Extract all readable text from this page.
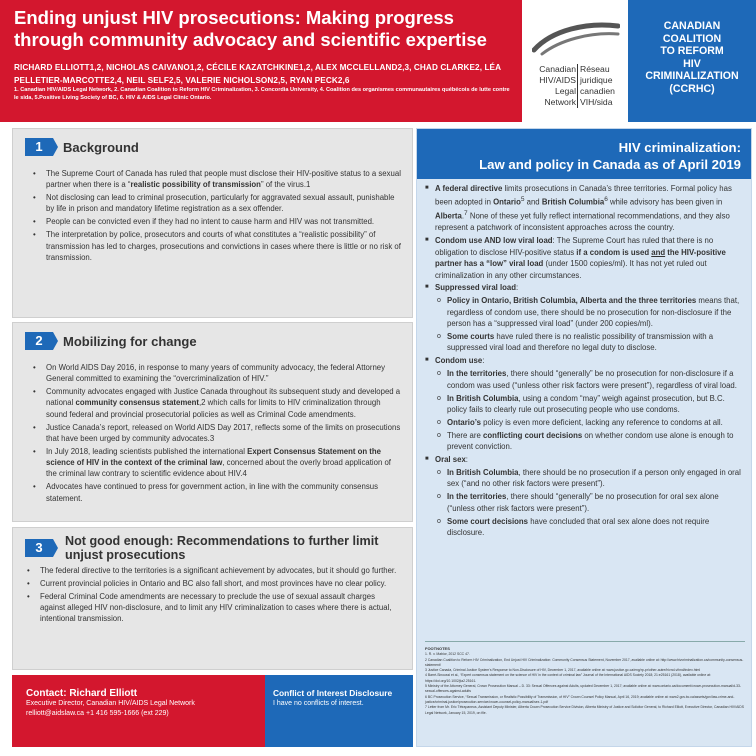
Ending unjust HIV prosecutions: Making progress through community advocacy and scientific expertise
RICHARD ELLIOTT1,2, NICHOLAS CAIVANO1,2, CÉCILE KAZATCHKINE1,2, ALEX MCCLELLAND2,3, CHAD CLARKE2, LÉA PELLETIER-MARCOTTE2,4, NEIL SELF2,5, VALERIE NICHOLSON2,5, RYAN PECK2,6
1. Canadian HIV/AIDS Legal Network, 2. Canadian Coalition to Reform HIV Criminalization, 3. Concordia University, 4. Coalition des organismes communautaires québécois de lutte contre le sida, 5.Positive Living Society of BC, 6. HIV & AIDS Legal Clinic Ontario.
Canadian
HIV/AIDS
Legal
Network
Réseau
juridique
canadien
VIH/sida
CANADIAN
COALITION
TO REFORM
HIV
CRIMINALIZATION
(CCRHC)
1	Background
• The Supreme Court of Canada has ruled that people must disclose their HIV-positive status to a sexual partner when there is a “realistic possibility of transmission” of the virus.1
• Not disclosing can lead to criminal prosecution, particularly for aggravated sexual assault, punishable by life in prison and mandatory lifetime registration as a sex offender.
• People can be convicted even if they had no intent to cause harm and HIV was not transmitted.
• The interpretation by police, prosecutors and courts of what constitutes a “realistic possibility” of transmission has led to charges, prosecutions and convictions in cases where there is little or no risk of transmission.
2	Mobilizing for change
• On World AIDS Day 2016, in response to many years of community advocacy, the federal Attorney General committed to examining the “overcriminalization of HIV.”
• Community advocates engaged with Justice Canada throughout its subsequent study and developed a national community consensus statement,2 which calls for limits to HIV criminalization through sound federal and provincial prosecutorial policies as well as Criminal Code amendments.
• Justice Canada’s report, released on World AIDS Day 2017, reflects some of the limits on prosecutions that have been urged by community advocates.3
• In July 2018, leading scientists published the international Expert Consensus Statement on the science of HIV in the context of the criminal law, concerned about the overly broad application of the criminal law contrary to scientific evidence about HIV.4
• Advocates have continued to press for government action, in line with the community consensus statement.
3	Not good enough: Recommendations to further limit
unjust prosecutions
• The federal directive to the territories is a significant achievement by advocates, but it should go further.
• Current provincial policies in Ontario and BC also fall short, and most provinces have no clear policy.
• Federal Criminal Code amendments are necessary to preclude the use of sexual assault charges against alleged HIV non-disclosure, and to limit any HIV criminalization to cases where there is actual, intentional transmission.
Contact: Richard Elliott
Executive Director, Canadian HIV/AIDS Legal Network
relliott@aidslaw.ca +1 416 595-1666 (ext 229)
Conflict of Interest Disclosure
I have no conflicts of interest.
HIV criminalization:
Law and policy in Canada as of April 2019
■ A federal directive limits prosecutions in Canada’s three territories. Formal policy has been adopted in Ontario$^5$ and British Columbia$^6$ while advisory has been given in Alberta.$^7$ None of these yet fully reflect international recommendations, and they also represent a patchwork of inconsistent approaches across the country.
■ Condom use AND low viral load: The Supreme Court has ruled that there is no obligation to disclose HIV-positive status if a condom is used and the HIV-positive partner has a “low” viral load (under 1500 copies/ml). It has not yet ruled out criminalization in any other circumstances.
■ Suppressed viral load:
o Policy in Ontario, British Columbia, Alberta and the three territories means that, regardless of condom use, there should be no prosecution for non-disclosure if the person has a “suppressed viral load” (under 200 copies/ml).
o Some courts have ruled there is no realistic possibility of transmission with a suppressed viral load and therefore no legal duty to disclose.
■ Condom use:
o In the territories, there should “generally” be no prosecution for non-disclosure if a condom was used (“unless other risk factors were present”), regardless of viral load.
o In British Columbia, using a condom “may” weigh against prosecution, but B.C. policy fails to clearly rule out prosecuting people who use condoms.
o Ontario’s policy is even more deficient, lacking any reference to condoms at all.
o There are conflicting court decisions on whether condom use alone is enough to prevent conviction.
■ Oral sex:
o In British Columbia, there should be no prosecution if a person only engaged in oral sex (“and no other risk factors were present”).
o In the territories, there should “generally” be no prosecution for oral sex alone (“unless other risk factors were present”).
o Some court decisions have concluded that oral sex alone does not require disclosure.
FOOTNOTES
1. R. v. Mabior, 2012 SCC 47.
2 Canadian Coalition to Reform HIV Criminalization, End Unjust HIV Criminalization: Community Consensus Statement, November 2017, available online at: http://www.hivcriminalization.ca/community-consensus-statement/
3 Justice Canada, Criminal Justice System's Response to Non-Disclosure of HIV, December 1, 2017, available online at: www.justice.gc.ca/eng/rp-pr/other-autre/hivnd-vihnd/index.html
4 Barré-Sinoussi et al., “Expert consensus statement on the science of HIV in the context of criminal law” Journal of the International AIDS Society 2018; 21:e25161 (2018), available online at: https://doi.org/10.1002/jia2.25161.
5 Ministry of the Attorney General, Crown Prosecution Manual – D. 33: Sexual Offences against Adults, updated December 1, 2017; available online at: www.ontario.ca/document/crown-prosecution-manual/d-33-sexual-offences-against-adults
6 BC Prosecution Service, “Sexual Transmission, or Realistic Possibility of Transmission, of HIV” Crown Counsel Policy Manual, April 16, 2019; available online at: www2.gov.bc.ca/assets/gov/law-crime-and-justice/criminal-justice/prosecution-service/crown-counsel-policy-manual/sex-1.pdf
7 Letter from Mr. Eric Tétrapaneus, Assistant Deputy Minister, Alberta Crown Prosecution Service Division, Alberta Ministry of Justice and Solicitor General, to Richard Elliott, Executive Director, Canadian HIV/AIDS Legal Network, January 15, 2019, on file.
